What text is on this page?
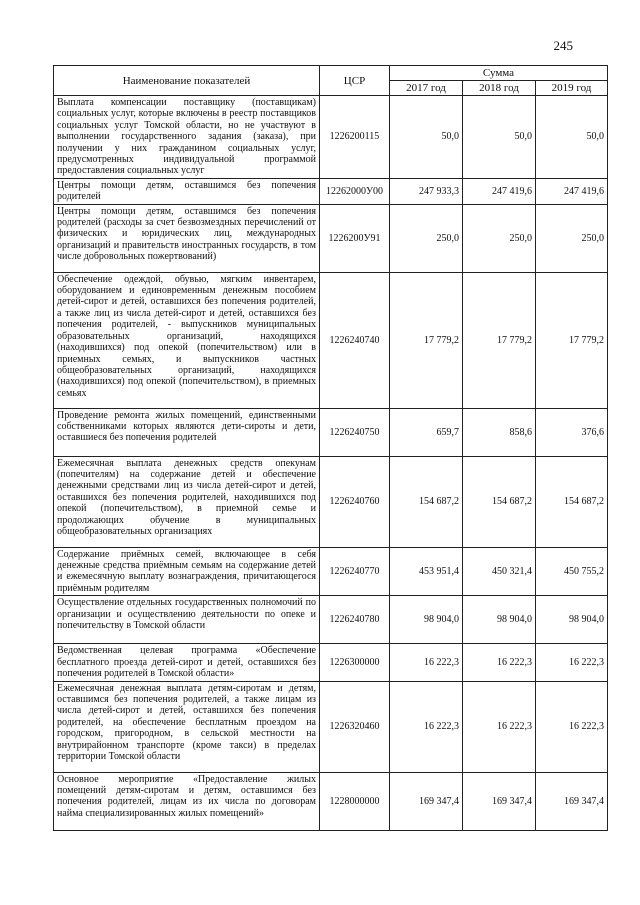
245
Наименование показателей	ЦСР	Сумма		
		2017 год	2018 год	2019 год
Выплата компенсации поставщику (поставщикам) социальных услуг, которые включены в реестр поставщиков социальных услуг Томской области, но не участвуют в выполнении государственного задания (заказа), при получении у них гражданином социальных услуг, предусмотренных индивидуальной программой предоставления социальных услуг	1226200115	50,0	50,0	50,0
Центры помощи детям, оставшимся без попечения родителей	12262000У00	247 933,3	247 419,6	247 419,6
Центры помощи детям, оставшимся без попечения родителей (расходы за счет безвозмездных перечислений от физических и юридических лиц, международных организаций и правительств иностранных государств, в том числе добровольных пожертвований)	1226200У91	250,0	250,0	250,0
Обеспечение одеждой, обувью, мягким инвентарем, оборудованием и единовременным денежным пособием детей-сирот и детей, оставшихся без попечения родителей, а также лиц из числа детей-сирот и детей, оставшихся без попечения родителей, - выпускников муниципальных образовательных организаций, находящихся (находившихся) под опекой (попечительством) или в приемных семьях, и выпускников частных общеобразовательных организаций, находящихся (находившихся) под опекой (попечительством), в приемных семьях	1226240740	17 779,2	17 779,2	17 779,2
Проведение ремонта жилых помещений, единственными собственниками которых являются дети-сироты и дети, оставшиеся без попечения родителей	1226240750	659,7	858,6	376,6
Ежемесячная выплата денежных средств опекунам (попечителям) на содержание детей и обеспечение денежными средствами лиц из числа детей-сирот и детей, оставшихся без попечения родителей, находившихся под опекой (попечительством), в приемной семье и продолжающих обучение в муниципальных общеобразовательных организациях	1226240760	154 687,2	154 687,2	154 687,2
Содержание приёмных семей, включающее в себя денежные средства приёмным семьям на содержание детей и ежемесячную выплату вознаграждения, причитающегося приёмным родителям	1226240770	453 951,4	450 321,4	450 755,2
Осуществление отдельных государственных полномочий по организации и осуществлению деятельности по опеке и попечительству в Томской области	1226240780	98 904,0	98 904,0	98 904,0
Ведомственная целевая программа «Обеспечение бесплатного проезда детей-сирот и детей, оставшихся без попечения родителей в Томской области»	1226300000	16 222,3	16 222,3	16 222,3
Ежемесячная денежная выплата детям-сиротам и детям, оставшимся без попечения родителей, а также лицам из числа детей-сирот и детей, оставшихся без попечения родителей, на обеспечение бесплатным проездом на городском, пригородном, в сельской местности на внутрирайонном транспорте (кроме такси) в пределах территории Томской области	1226320460	16 222,3	16 222,3	16 222,3
Основное мероприятие «Предоставление жилых помещений детям-сиротам и детям, оставшимся без попечения родителей, лицам из их числа по договорам найма специализированных жилых помещений»	1228000000	169 347,4	169 347,4	169 347,4
